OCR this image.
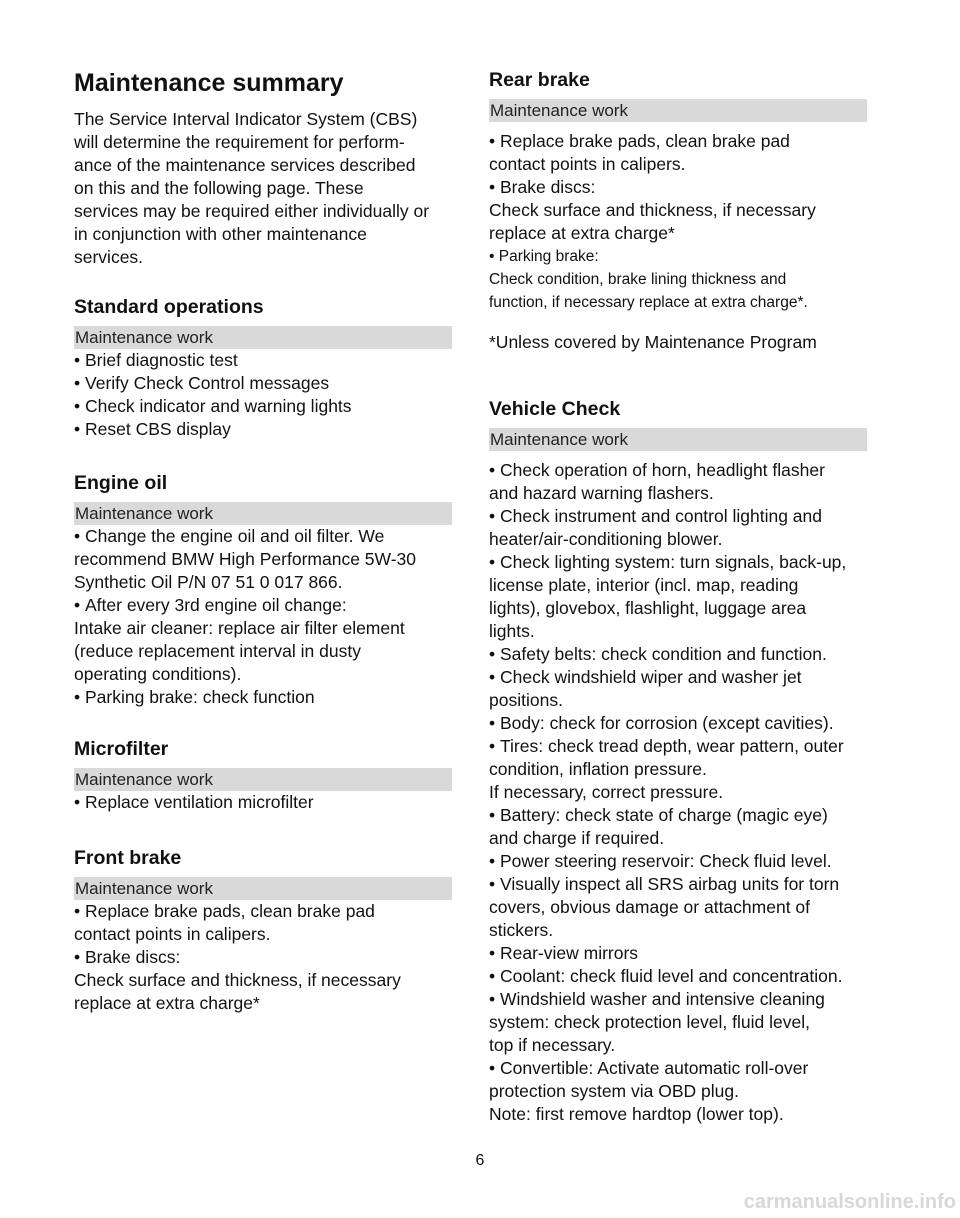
Maintenance summary

The Service Interval Indicator System (CBS)
will determine the requirement for perform-
ance of the maintenance services described
on this and the following page. These
services may be required either individually or
in conjunction with other maintenance
services.

Standard operations
Maintenance work
• Brief diagnostic test
• Verify Check Control messages
• Check indicator and warning lights
• Reset CBS display
Engine oil
Maintenance work
• Change the engine oil and oil filter. We
recommend BMW High Performance 5W-30
Synthetic Oil P/N 07 51 0 017 866.
• After every 3rd engine oil change:
Intake air cleaner: replace air filter element
(reduce replacement interval in dusty
operating conditions).
• Parking brake: check function
Microfilter
Maintenance work
• Replace ventilation microfilter
Front brake
Maintenance work
• Replace brake pads, clean brake pad
contact points in calipers.
• Brake discs:
Check surface and thickness, if necessary
replace at extra charge*
Rear brake
Maintenance work
• Replace brake pads, clean brake pad
contact points in calipers.
• Brake discs:
Check surface and thickness, if necessary
replace at extra charge*
• Parking brake:
Check condition, brake lining thickness and
function, if necessary replace at extra charge*.

*Unless covered by Maintenance Program

Vehicle Check
Maintenance work
• Check operation of horn, headlight flasher
and hazard warning flashers.
• Check instrument and control lighting and
heater/air-conditioning blower.
• Check lighting system: turn signals, back-up,
license plate, interior (incl. map, reading
lights), glovebox, flashlight, luggage area
lights.
• Safety belts: check condition and function.
• Check windshield wiper and washer jet
positions.
• Body: check for corrosion (except cavities).
• Tires: check tread depth, wear pattern, outer
condition, inflation pressure.
If necessary, correct pressure.
• Battery: check state of charge (magic eye)
and charge if required.
• Power steering reservoir: Check fluid level.
• Visually inspect all SRS airbag units for torn
covers, obvious damage or attachment of
stickers.
• Rear-view mirrors
• Coolant: check fluid level and concentration.
• Windshield washer and intensive cleaning
system: check protection level, fluid level,
top if necessary.
• Convertible: Activate automatic roll-over
protection system via OBD plug.
Note: first remove hardtop (lower top).
6
carmanualsonline.info
